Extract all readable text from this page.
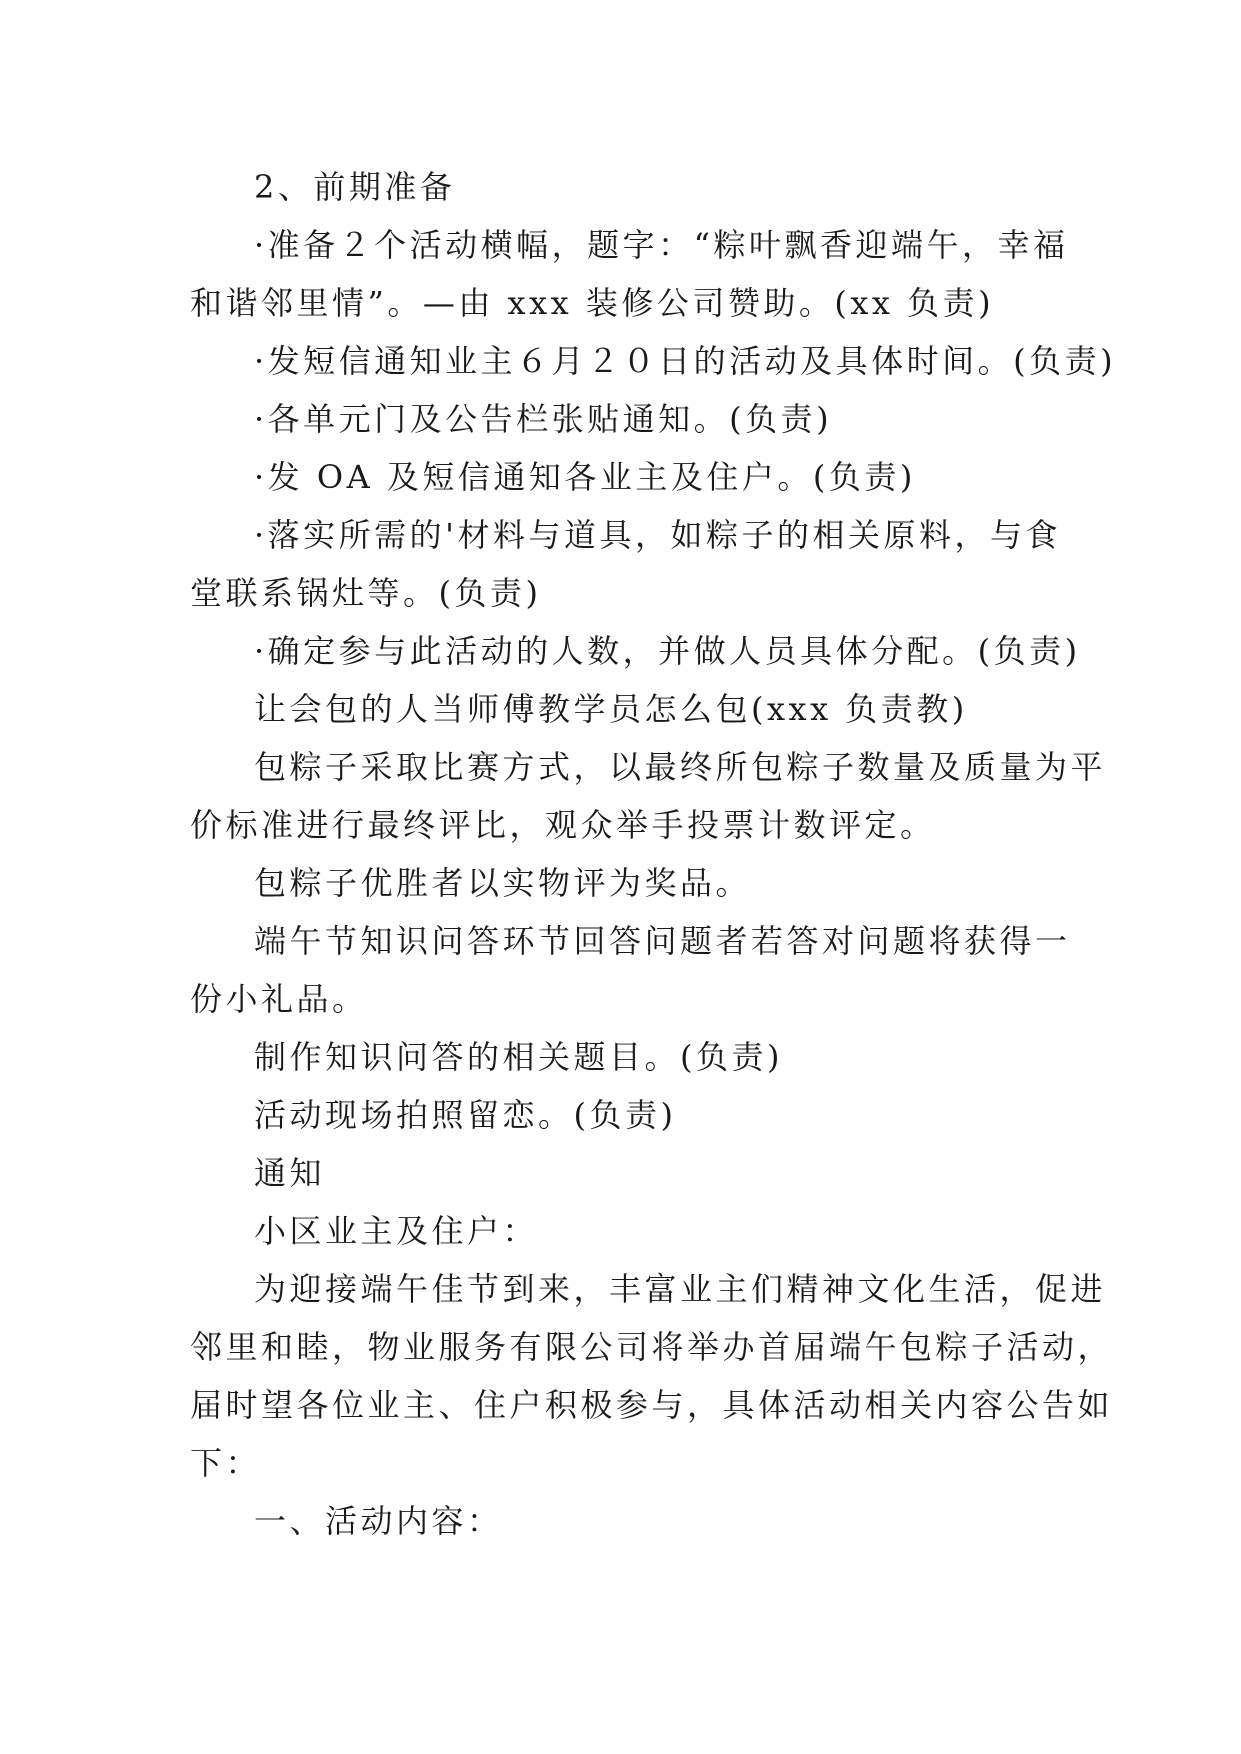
2、前期准备

·准备２个活动横幅，题字：“粽叶飘香迎端午，幸福

和谐邻里情”。—由 xxx 装修公司赞助。(xx 负责)

·发短信通知业主６月２０日的活动及具体时间。(负责)

·各单元门及公告栏张贴通知。(负责)

·发 OA 及短信通知各业主及住户。(负责)

·落实所需的'材料与道具，如粽子的相关原料，与食

堂联系锅灶等。(负责)

·确定参与此活动的人数，并做人员具体分配。(负责)

让会包的人当师傅教学员怎么包(xxx 负责教)

包粽子采取比赛方式，以最终所包粽子数量及质量为平

价标准进行最终评比，观众举手投票计数评定。

包粽子优胜者以实物评为奖品。

端午节知识问答环节回答问题者若答对问题将获得一

份小礼品。

制作知识问答的相关题目。(负责)

活动现场拍照留恋。(负责)

通知

小区业主及住户：

为迎接端午佳节到来，丰富业主们精神文化生活，促进

邻里和睦，物业服务有限公司将举办首届端午包粽子活动，

届时望各位业主、住户积极参与，具体活动相关内容公告如

下：

一、活动内容：
